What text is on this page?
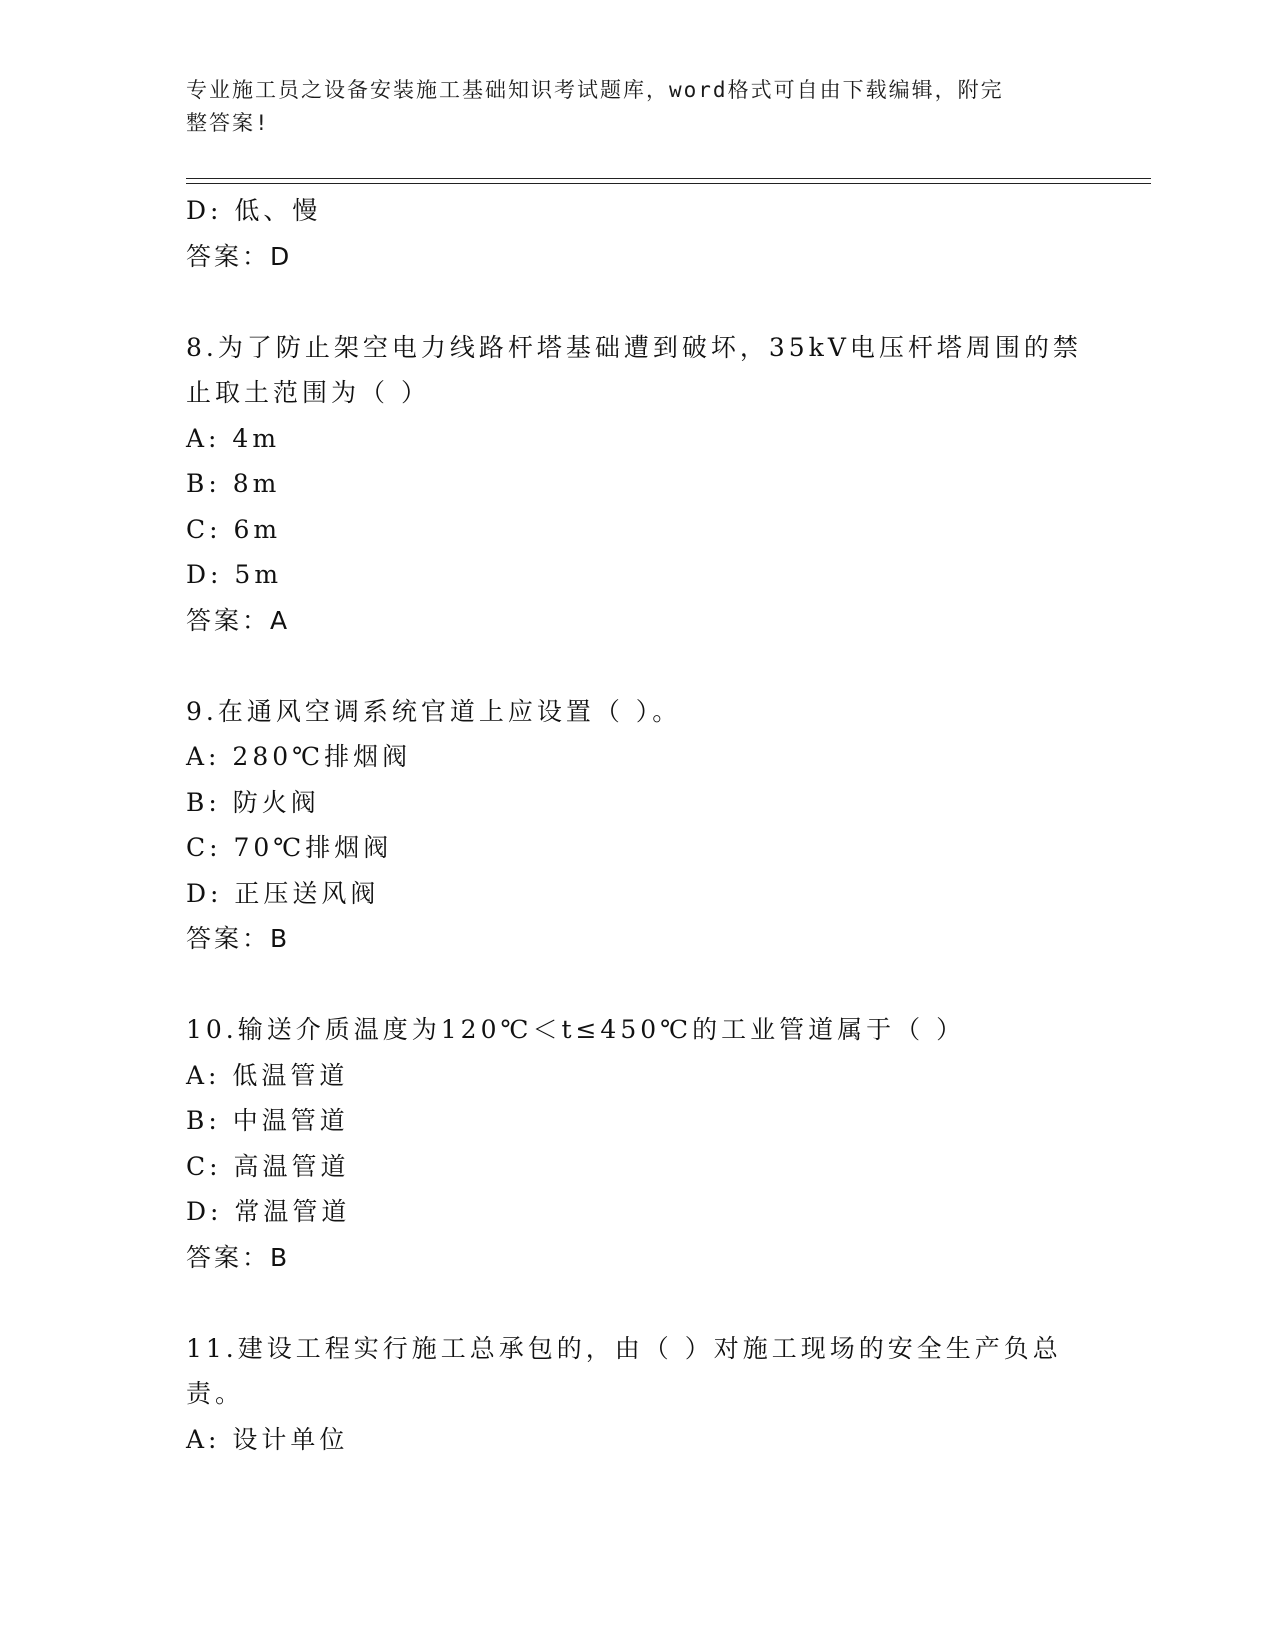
专业施工员之设备安装施工基础知识考试题库，word格式可自由下载编辑，附完
整答案!
D: 低、慢
答案：D
8.为了防止架空电力线路杆塔基础遭到破坏，35kV电压杆塔周围的禁
止取土范围为（ ）
A: 4m
B: 8m
C: 6m
D: 5m
答案：A
9.在通风空调系统官道上应设置（ ）。
A: 280℃排烟阀
B: 防火阀
C: 70℃排烟阀
D: 正压送风阀
答案：B
10.输送介质温度为120℃＜t≤450℃的工业管道属于（ ）
A: 低温管道
B: 中温管道
C: 高温管道
D: 常温管道
答案：B
11.建设工程实行施工总承包的，由（ ）对施工现场的安全生产负总
责。
A: 设计单位
